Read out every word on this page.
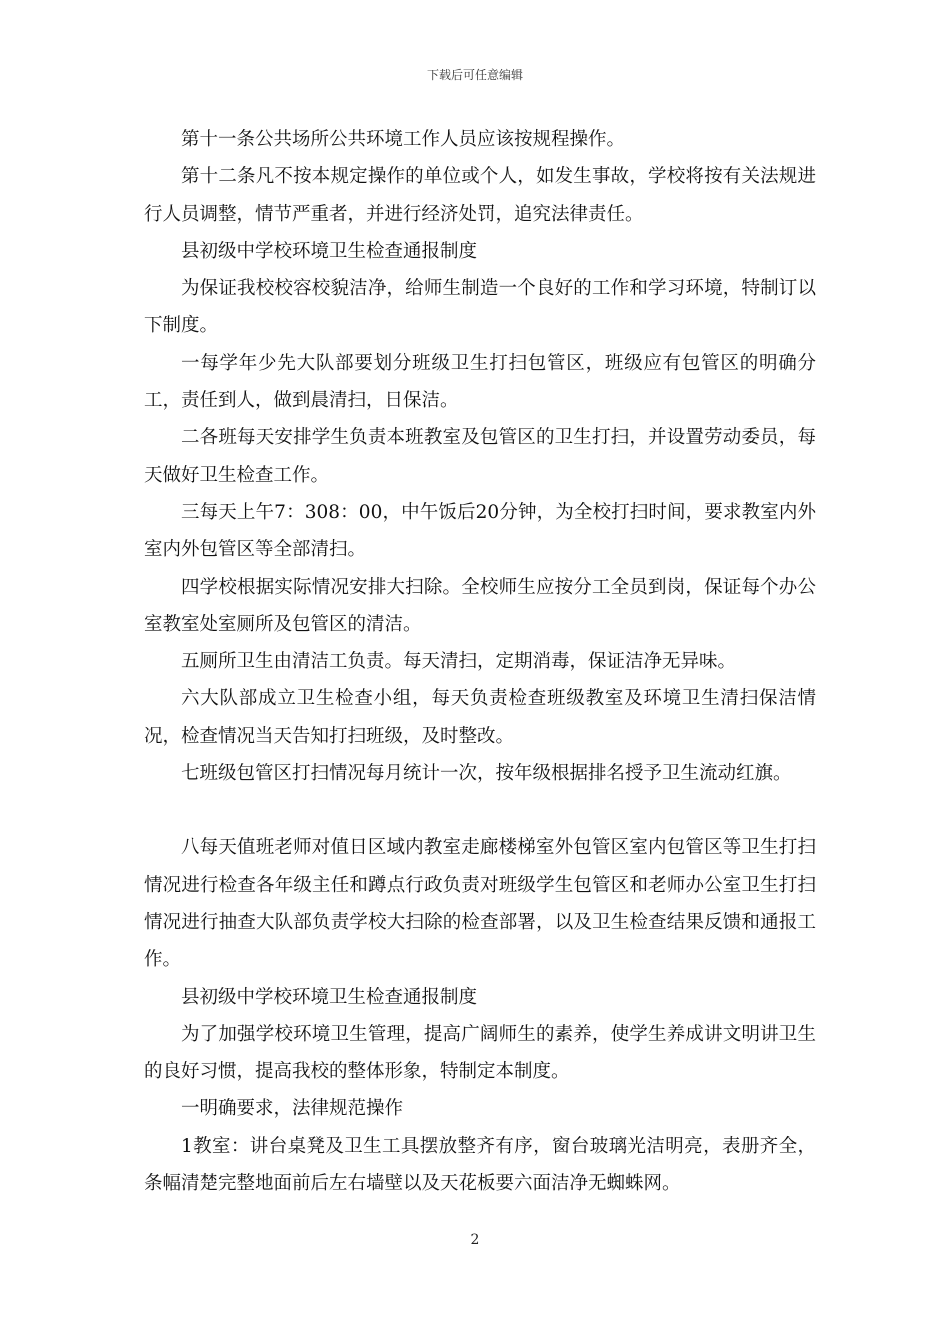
下载后可任意编辑

第十一条公共场所公共环境工作人员应该按规程操作。

第十二条凡不按本规定操作的单位或个人，如发生事故，学校将按有关法规进行人员调整，情节严重者，并进行经济处罚，追究法律责任。

县初级中学校环境卫生检查通报制度

为保证我校校容校貌洁净，给师生制造一个良好的工作和学习环境，特制订以下制度。

一每学年少先大队部要划分班级卫生打扫包管区，班级应有包管区的明确分工，责任到人，做到晨清扫，日保洁。

二各班每天安排学生负责本班教室及包管区的卫生打扫，并设置劳动委员，每天做好卫生检查工作。

三每天上午7：308：00，中午饭后20分钟，为全校打扫时间，要求教室内外室内外包管区等全部清扫。

四学校根据实际情况安排大扫除。全校师生应按分工全员到岗，保证每个办公室教室处室厕所及包管区的清洁。

五厕所卫生由清洁工负责。每天清扫，定期消毒，保证洁净无异味。

六大队部成立卫生检查小组，每天负责检查班级教室及环境卫生清扫保洁情况，检查情况当天告知打扫班级，及时整改。

七班级包管区打扫情况每月统计一次，按年级根据排名授予卫生流动红旗。

八每天值班老师对值日区域内教室走廊楼梯室外包管区室内包管区等卫生打扫情况进行检查各年级主任和蹲点行政负责对班级学生包管区和老师办公室卫生打扫情况进行抽查大队部负责学校大扫除的检查部署，以及卫生检查结果反馈和通报工作。

县初级中学校环境卫生检查通报制度

为了加强学校环境卫生管理，提高广阔师生的素养，使学生养成讲文明讲卫生的良好习惯，提高我校的整体形象，特制定本制度。

一明确要求，法律规范操作

1教室：讲台桌凳及卫生工具摆放整齐有序，窗台玻璃光洁明亮，表册齐全，条幅清楚完整地面前后左右墙壁以及天花板要六面洁净无蜘蛛网。

2
